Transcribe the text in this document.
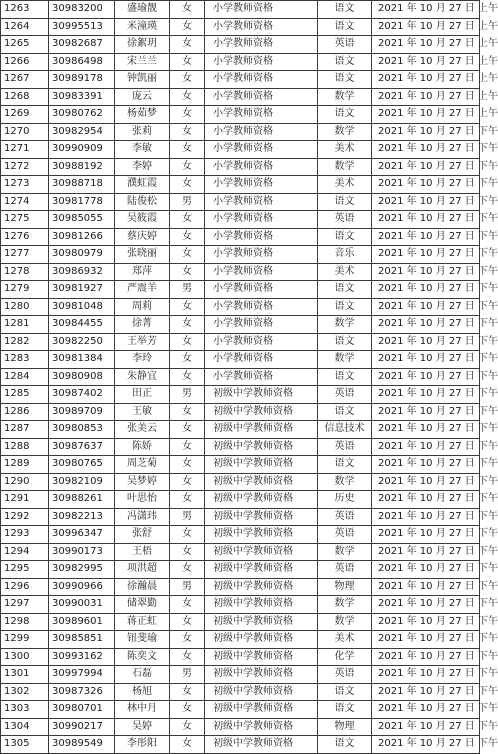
1263	30983200	盛瑜靓	女	小学教师资格	语文	2021 年 10 月 27 日 上午
1264	30995513	米潼瑛	女	小学教师资格	语文	2021 年 10 月 27 日 上午
1265	30982687	徐絮玥	女	小学教师资格	英语	2021 年 10 月 27 日 上午
1266	30986498	宋兰兰	女	小学教师资格	语文	2021 年 10 月 27 日 上午
1267	30989178	钟凯丽	女	小学教师资格	语文	2021 年 10 月 27 日 上午
1268	30983391	庞云	女	小学教师资格	数学	2021 年 10 月 27 日 上午
1269	30980762	杨茹梦	女	小学教师资格	语文	2021 年 10 月 27 日 上午
1270	30982954	张莉	女	小学教师资格	数学	2021 年 10 月 27 日 下午
1271	30990909	李敏	女	小学教师资格	美术	2021 年 10 月 27 日 下午
1272	30988192	李婷	女	小学教师资格	数学	2021 年 10 月 27 日 下午
1273	30988718	濮虹霞	女	小学教师资格	美术	2021 年 10 月 27 日 下午
1274	30981778	陆俊松	男	小学教师资格	语文	2021 年 10 月 27 日 下午
1275	30985055	吴筱霞	女	小学教师资格	英语	2021 年 10 月 27 日 下午
1276	30981266	蔡庆婷	女	小学教师资格	语文	2021 年 10 月 27 日 下午
1277	30980979	张晓丽	女	小学教师资格	音乐	2021 年 10 月 27 日 下午
1278	30986932	郑萍	女	小学教师资格	美术	2021 年 10 月 27 日 下午
1279	30981927	严震羊	男	小学教师资格	语文	2021 年 10 月 27 日 下午
1280	30981048	周莉	女	小学教师资格	语文	2021 年 10 月 27 日 下午
1281	30984455	徐菁	女	小学教师资格	数学	2021 年 10 月 27 日 下午
1282	30982250	王举芳	女	小学教师资格	语文	2021 年 10 月 27 日 下午
1283	30981384	李玲	女	小学教师资格	数学	2021 年 10 月 27 日 下午
1284	30980908	朱静宜	女	小学教师资格	语文	2021 年 10 月 27 日 下午
1285	30987402	田正	男	初级中学教师资格	英语	2021 年 10 月 27 日 下午
1286	30989709	王敏	女	初级中学教师资格	语文	2021 年 10 月 27 日 下午
1287	30980853	张美云	女	初级中学教师资格	信息技术	2021 年 10 月 27 日 下午
1288	30987637	陈娇	女	初级中学教师资格	英语	2021 年 10 月 27 日 下午
1289	30980765	周芝菊	女	初级中学教师资格	语文	2021 年 10 月 27 日 下午
1290	30982109	吴梦婷	女	初级中学教师资格	数学	2021 年 10 月 27 日 下午
1291	30988261	叶思怡	女	初级中学教师资格	历史	2021 年 10 月 27 日 下午
1292	30982213	冯潇玮	男	初级中学教师资格	英语	2021 年 10 月 27 日 下午
1293	30996347	张舒	女	初级中学教师资格	英语	2021 年 10 月 27 日 下午
1294	30990173	王梧	女	初级中学教师资格	数学	2021 年 10 月 27 日 下午
1295	30982995	项洪超	女	初级中学教师资格	英语	2021 年 10 月 27 日 下午
1296	30990966	徐瀚晨	男	初级中学教师资格	物理	2021 年 10 月 27 日 下午
1297	30990031	储翠勤	女	初级中学教师资格	数学	2021 年 10 月 27 日 下午
1298	30989601	蒋正虹	女	初级中学教师资格	数学	2021 年 10 月 27 日 下午
1299	30985851	钮斐瑜	女	初级中学教师资格	美术	2021 年 10 月 27 日 下午
1300	30993162	陈奕文	女	初级中学教师资格	化学	2021 年 10 月 27 日 下午
1301	30997994	石磊	男	初级中学教师资格	英语	2021 年 10 月 27 日 下午
1302	30987326	杨旭	女	初级中学教师资格	语文	2021 年 10 月 27 日 下午
1303	30980701	林中月	女	初级中学教师资格	语文	2021 年 10 月 27 日 下午
1304	30990217	吴婷	女	初级中学教师资格	物理	2021 年 10 月 27 日 下午
1305	30989549	李彤阳	女	初级中学教师资格	语文	2021 年 10 月 27 日 下午
